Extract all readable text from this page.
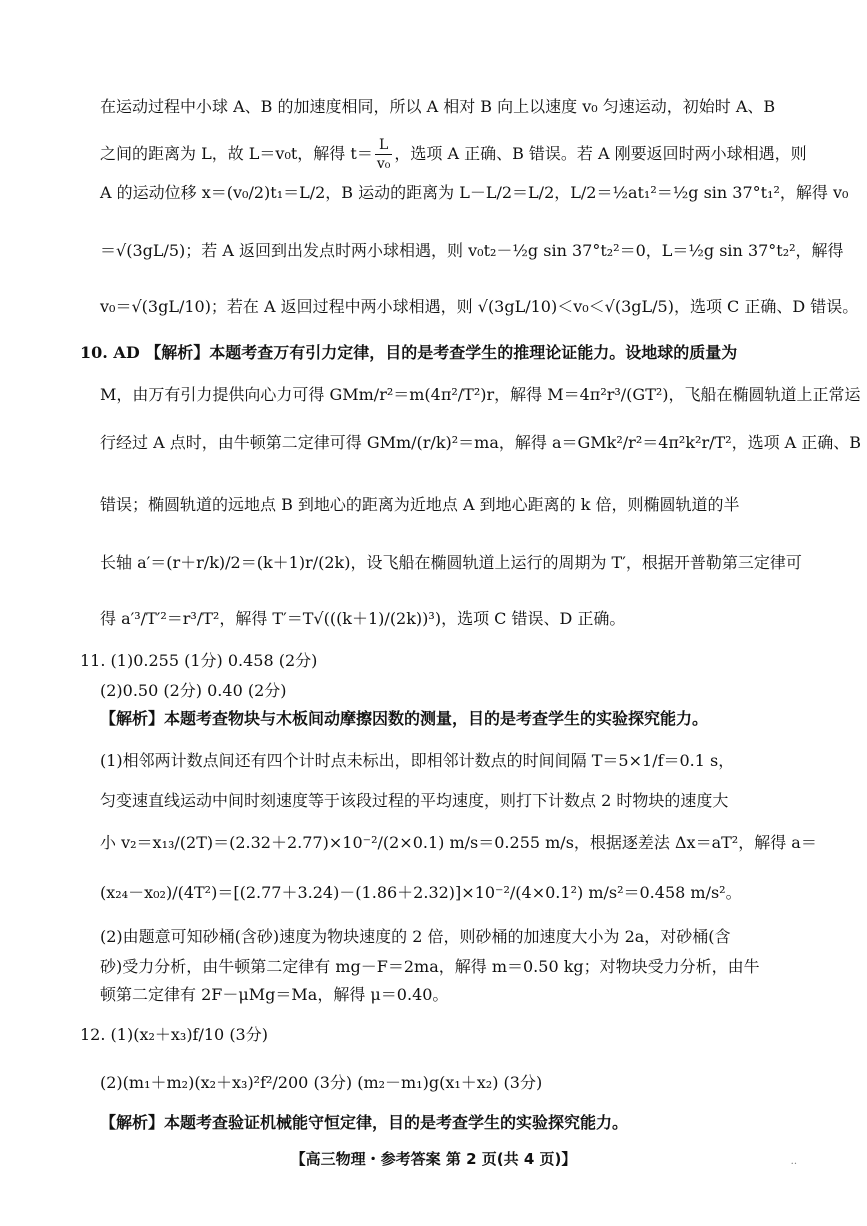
在运动过程中小球 A、B 的加速度相同，所以 A 相对 B 向上以速度 v₀ 匀速运动，初始时 A、B
之间的距离为 L，故 L＝v₀t，解得 $t= \frac{L}{\text{v₀}}$ ，选项 A 正确、B 错误。若 A 刚要返回时两小球相遇，则
A 的运动位移 x＝(v₀/2)t₁＝L/2，B 运动的距离为 L－L/2＝L/2，L/2＝½at₁²＝½g sin 37°t₁²，解得 v₀
＝√(3gL/5)；若 A 返回到出发点时两小球相遇，则 v₀t₂－½g sin 37°t₂²＝0，L＝½g sin 37°t₂²，解得
v₀＝√(3gL/10)；若在 A 返回过程中两小球相遇，则 √(3gL/10)＜v₀＜√(3gL/5)，选项 C 正确、D 错误。
10. AD 【解析】本题考查万有引力定律，目的是考查学生的推理论证能力。设地球的质量为
M，由万有引力提供向心力可得 GMm/r²＝m(4π²/T²)r，解得 M＝4π²r³/(GT²)，飞船在椭圆轨道上正常运
行经过 A 点时，由牛顿第二定律可得 GMm/(r/k)²＝ma，解得 a＝GMk²/r²＝4π²k²r/T²，选项 A 正确、B
错误；椭圆轨道的远地点 B 到地心的距离为近地点 A 到地心距离的 k 倍，则椭圆轨道的半
长轴 a′＝(r＋r/k)/2＝(k＋1)r/(2k)，设飞船在椭圆轨道上运行的周期为 T′，根据开普勒第三定律可
得 a′³/T′²＝r³/T²，解得 T′＝T√(((k＋1)/(2k))³)，选项 C 错误、D 正确。
11. (1)0.255 (1分) 0.458 (2分)
(2)0.50 (2分) 0.40 (2分)
【解析】本题考查物块与木板间动摩擦因数的测量，目的是考查学生的实验探究能力。
(1)相邻两计数点间还有四个计时点未标出，即相邻计数点的时间间隔 T＝5×1/f＝0.1 s，
匀变速直线运动中间时刻速度等于该段过程的平均速度，则打下计数点 2 时物块的速度大
小 v₂＝x₁₃/(2T)＝(2.32＋2.77)×10⁻²/(2×0.1) m/s＝0.255 m/s，根据逐差法 Δx＝aT²，解得 a＝
(x₂₄－x₀₂)/(4T²)＝[(2.77＋3.24)－(1.86＋2.32)]×10⁻²/(4×0.1²) m/s²＝0.458 m/s²。
(2)由题意可知砂桶(含砂)速度为物块速度的 2 倍，则砂桶的加速度大小为 2a，对砂桶(含
砂)受力分析，由牛顿第二定律有 mg－F＝2ma，解得 m＝0.50 kg；对物块受力分析，由牛
顿第二定律有 2F－μMg＝Ma，解得 μ＝0.40。
12. (1)(x₂＋x₃)f/10 (3分)
(2)(m₁＋m₂)(x₂＋x₃)²f²/200 (3分) (m₂－m₁)g(x₁＋x₂) (3分)
【解析】本题考查验证机械能守恒定律，目的是考查学生的实验探究能力。
【高三物理・参考答案 第 2 页(共 4 页)】	..
